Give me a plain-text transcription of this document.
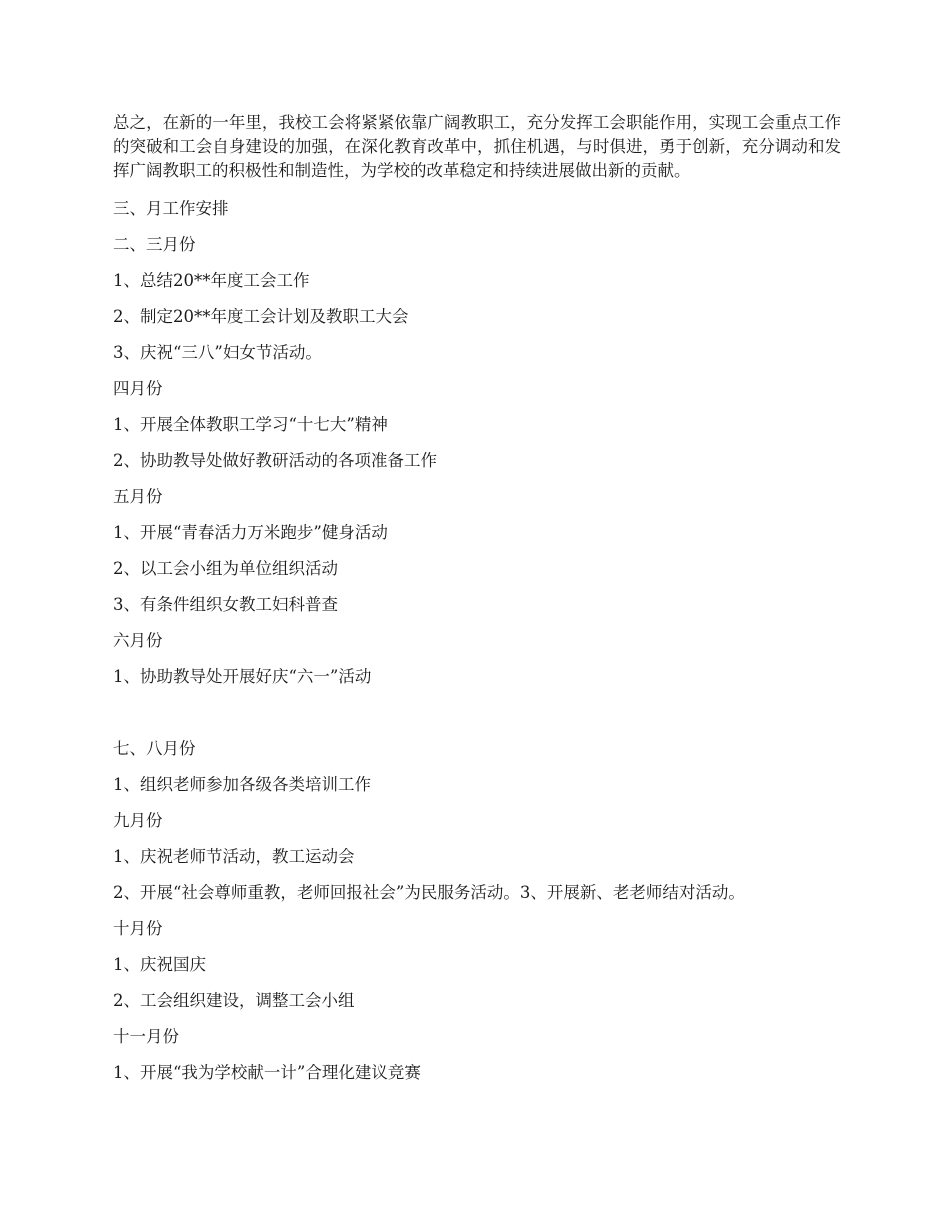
总之，在新的一年里，我校工会将紧紧依靠广阔教职工，充分发挥工会职能作用，实现工会重点工作的突破和工会自身建设的加强，在深化教育改革中，抓住机遇，与时俱进，勇于创新，充分调动和发挥广阔教职工的积极性和制造性，为学校的改革稳定和持续进展做出新的贡献。

三、月工作安排

二、三月份

1、总结20**年度工会工作

2、制定20**年度工会计划及教职工大会

3、庆祝“三八”妇女节活动。

四月份

1、开展全体教职工学习“十七大”精神

2、协助教导处做好教研活动的各项准备工作

五月份

1、开展“青春活力万米跑步”健身活动

2、以工会小组为单位组织活动

3、有条件组织女教工妇科普查

六月份

1、协助教导处开展好庆“六一”活动

七、八月份

1、组织老师参加各级各类培训工作

九月份

1、庆祝老师节活动，教工运动会

2、开展“社会尊师重教，老师回报社会”为民服务活动。3、开展新、老老师结对活动。

十月份

1、庆祝国庆

2、工会组织建设，调整工会小组

十一月份

1、开展“我为学校献一计”合理化建议竞赛
